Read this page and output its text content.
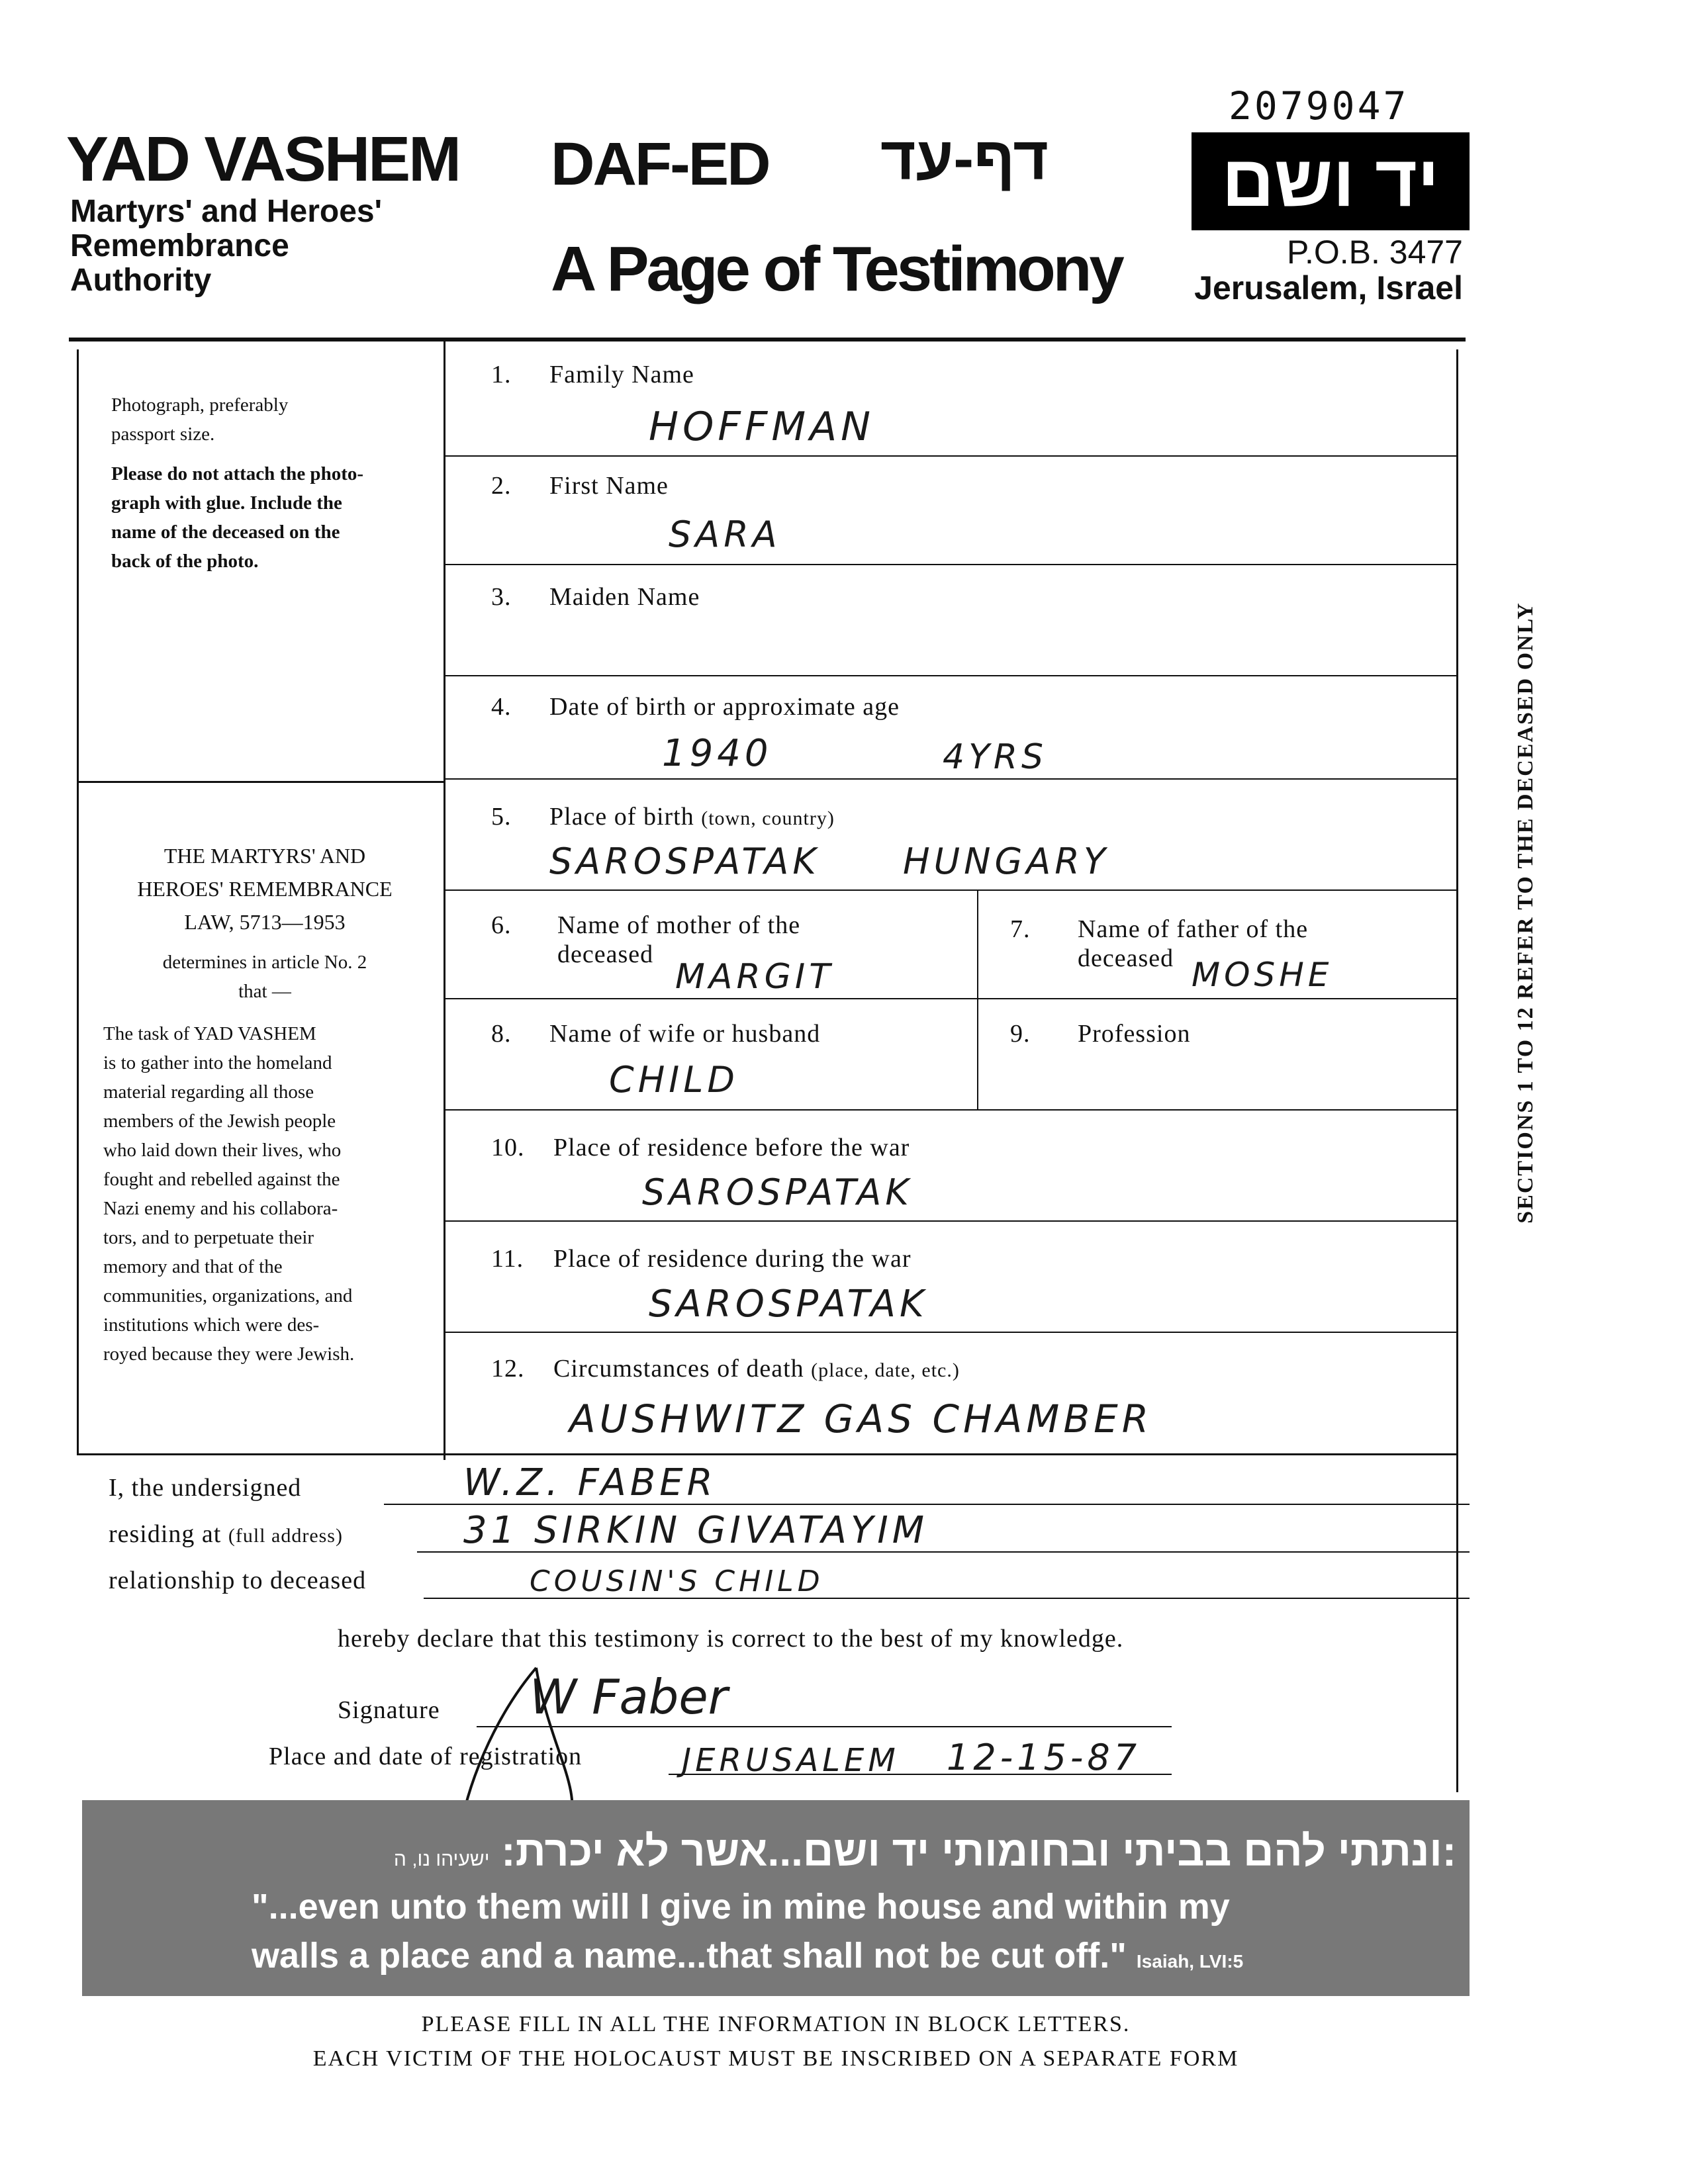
YAD VASHEM
Martyrs' and Heroes'
Remembrance
Authority
DAF-ED דף-עד
A Page of Testimony
2079047
יד ושם
P.O.B. 3477
Jerusalem, Israel
Photograph, preferably
passport size.
Please do not attach the photo-
graph with glue. Include the
name of the deceased on the
back of the photo.
THE MARTYRS' AND
HEROES' REMEMBRANCE
LAW, 5713—1953
determines in article No. 2
that —
The task of YAD VASHEM
is to gather into the homeland
material regarding all those
members of the Jewish people
who laid down their lives, who
fought and rebelled against the
Nazi enemy and his collabora-
tors, and to perpetuate their
memory and that of the
communities, organizations, and
institutions which were des-
royed because they were Jewish.
1. Family Name
HOFFMAN
2. First Name
SARA
3. Maiden Name
4. Date of birth or approximate age
1940	4YRS
5. Place of birth (town, country)
SAROSPATAK HUNGARY
6. Name of mother of the
deceased
MARGIT
7. Name of father of the
deceased MOSHE
8. Name of wife or husband
CHILD
9. Profession
10. Place of residence before the war
SAROSPATAK
11. Place of residence during the war
SAROSPATAK
12. Circumstances of death (place, date, etc.)
AUSHWITZ GAS CHAMBER
I, the undersigned	W.Z. FABER
residing at (full address)	31 SIRKIN GIVATAYIM
relationship to deceased	COUSIN'S CHILD
hereby declare that this testimony is correct to the best of my knowledge.
Signature W Faber
Place and date of registration	JERUSALEM 12-15-87
:ונתתי להם בביתי ובחומותי יד ושם...אשר לא יכרת: ישעיהו נו, ה
"...even unto them will I give in mine house and within my
walls a place and a name...that shall not be cut off." Isaiah, LVI:5
PLEASE FILL IN ALL THE INFORMATION IN BLOCK LETTERS.
EACH VICTIM OF THE HOLOCAUST MUST BE INSCRIBED ON A SEPARATE FORM
SECTIONS 1 TO 12 REFER TO THE DECEASED ONLY
